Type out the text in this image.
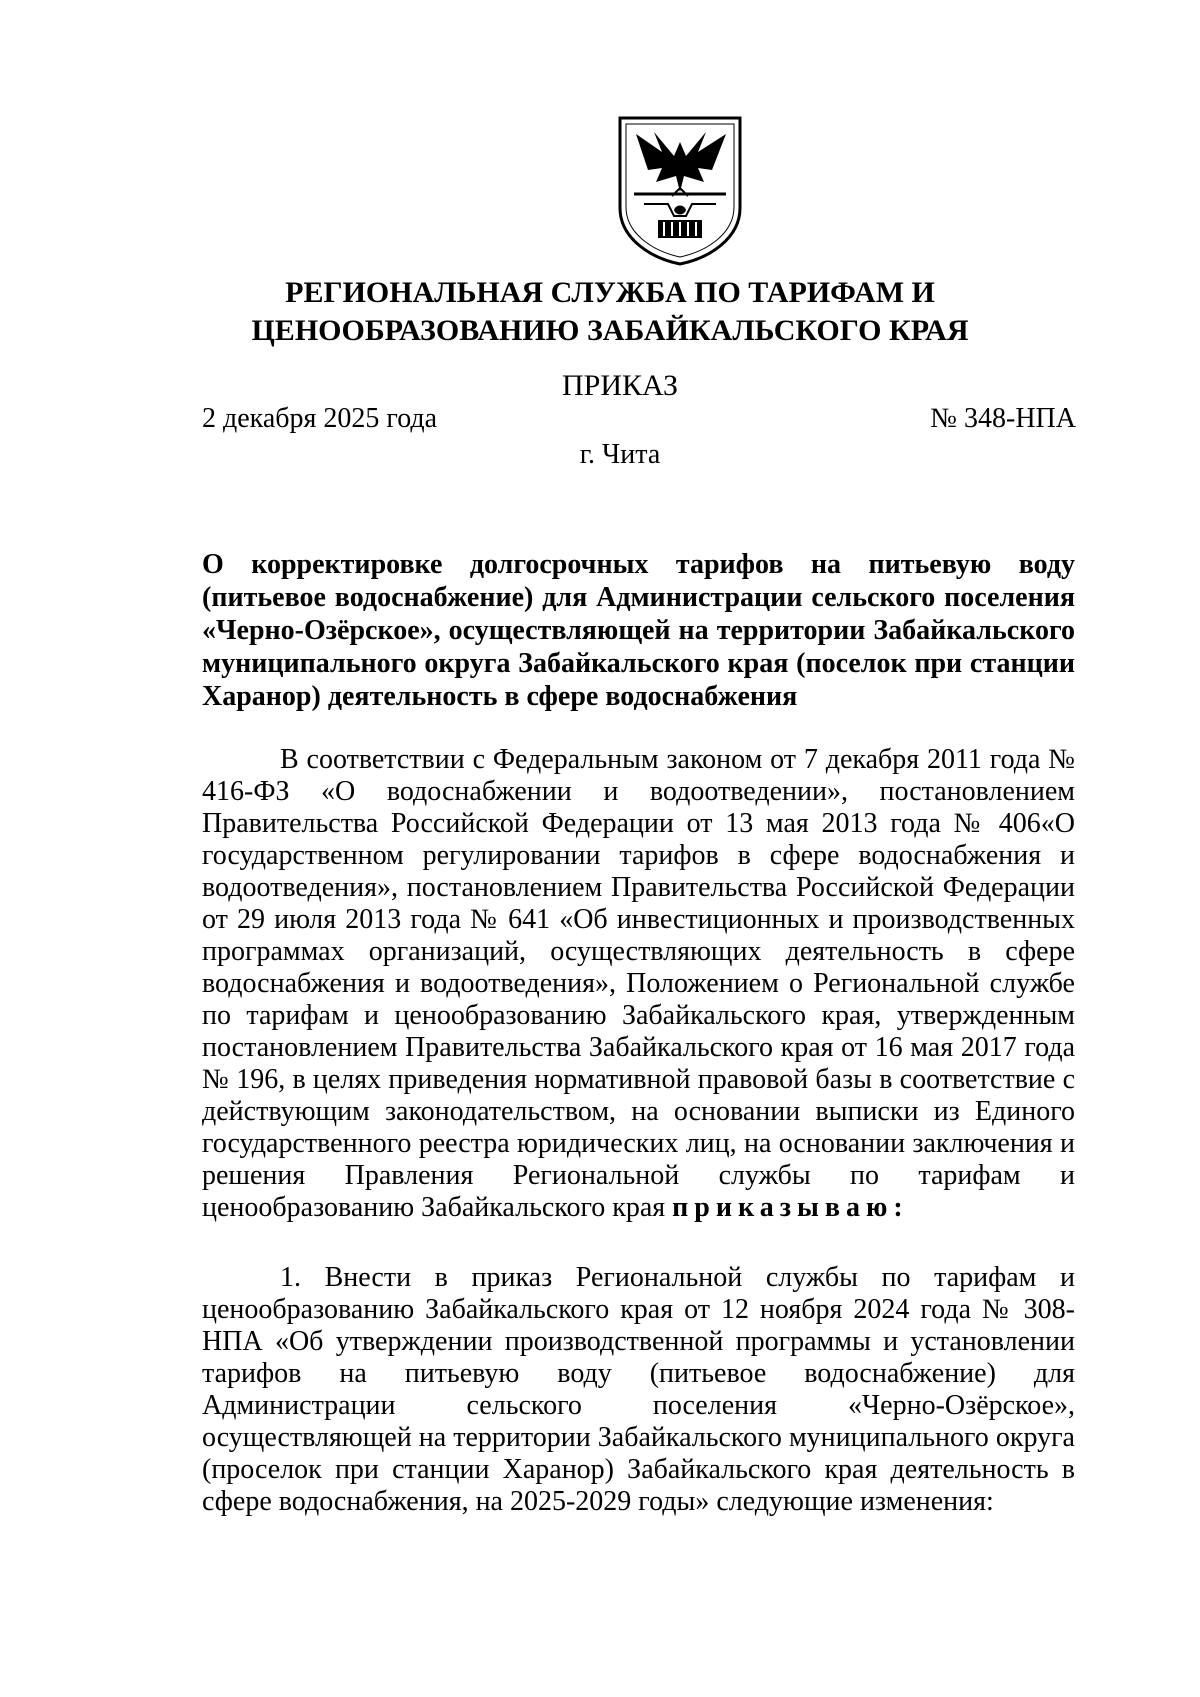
РЕГИОНАЛЬНАЯ СЛУЖБА ПО ТАРИФАМ И
ЦЕНООБРАЗОВАНИЮ ЗАБАЙКАЛЬСКОГО КРАЯ
ПРИКАЗ
2 декабря 2025 года	№ 348-НПА
г. Чита

О корректировке долгосрочных тарифов на питьевую воду (питьевое водоснабжение) для Администрации сельского поселения «Черно-Озёрское», осуществляющей на территории Забайкальского муниципального округа Забайкальского края (поселок при станции Харанор) деятельность в сфере водоснабжения

В соответствии с Федеральным законом от 7 декабря 2011 года № 416-ФЗ «О водоснабжении и водоотведении», постановлением Правительства Российской Федерации от 13 мая 2013 года № 406«О государственном регулировании тарифов в сфере водоснабжения и водоотведения», постановлением Правительства Российской Федерации от 29 июля 2013 года № 641 «Об инвестиционных и производственных программах организаций, осуществляющих деятельность в сфере водоснабжения и водоотведения», Положением о Региональной службе по тарифам и ценообразованию Забайкальского края, утвержденным постановлением Правительства Забайкальского края от 16 мая 2017 года № 196, в целях приведения нормативной правовой базы в соответствие с действующим законодательством, на основании выписки из Единого государственного реестра юридических лиц, на основании заключения и решения Правления Региональной службы по тарифам и ценообразованию Забайкальского края приказываю:

1. Внести в приказ Региональной службы по тарифам и ценообразованию Забайкальского края от 12 ноября 2024 года № 308-НПА «Об утверждении производственной программы и установлении тарифов на питьевую воду (питьевое водоснабжение) для Администрации сельского поселения «Черно-Озёрское», осуществляющей на территории Забайкальского муниципального округа (проселок при станции Харанор) Забайкальского края деятельность в сфере водоснабжения, на 2025-2029 годы» следующие изменения:
